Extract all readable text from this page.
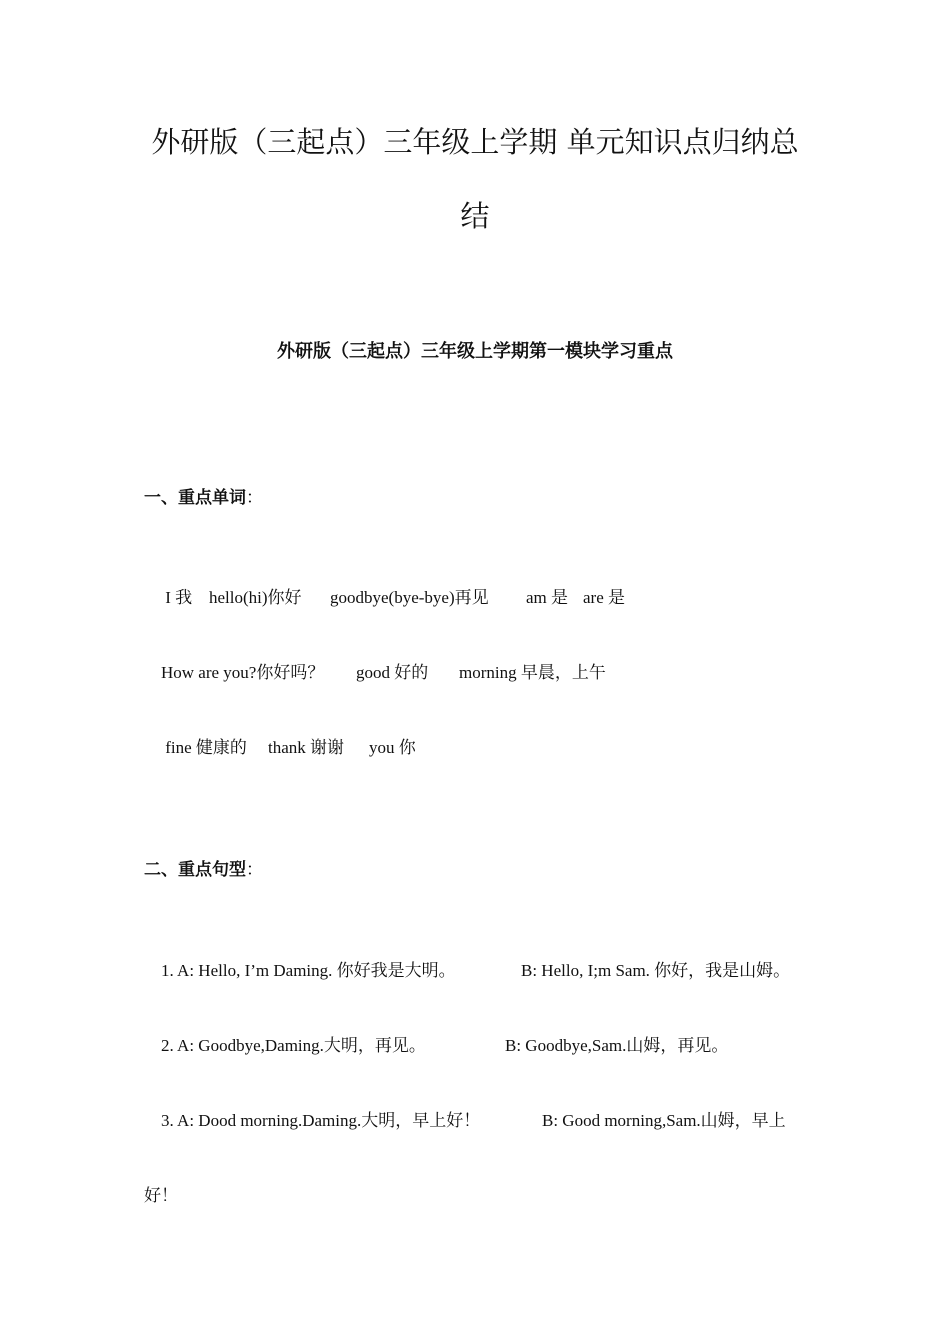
外研版（三起点）三年级上学期 单元知识点归纳总
结
外研版（三起点）三年级上学期第一模块学习重点
一、重点单词：

I 我 hello(hi)你好 goodbye(bye-bye)再见 am 是 are 是

How are you?你好吗？ good 好的 morning 早晨，上午

fine 健康的 thank 谢谢 you 你

二、重点句型：

1. A: Hello, I’m Daming. 你好我是大明。	B: Hello, I;m Sam. 你好，我是山姆。

2. A: Goodbye,Daming.大明，再见。	B: Goodbye,Sam.山姆，再见。

3. A: Dood morning.Daming.大明，早上好！	B: Good morning,Sam.山姆，早上

好！
